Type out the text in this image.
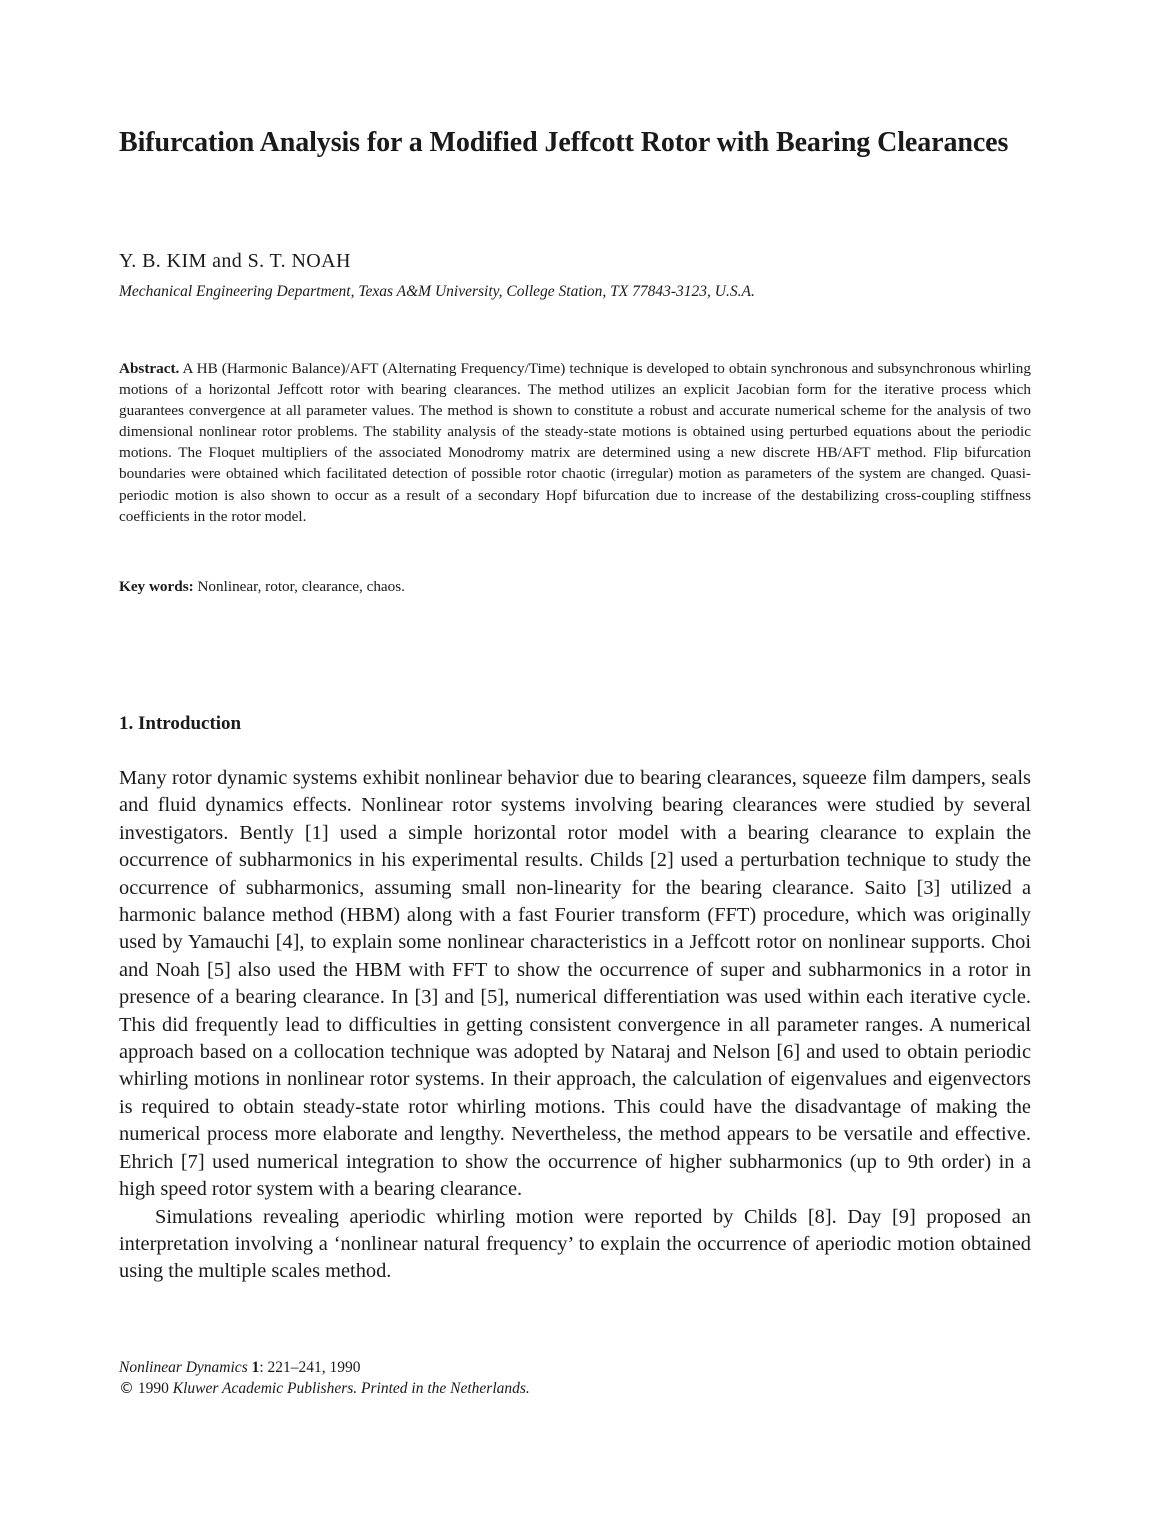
Bifurcation Analysis for a Modified Jeffcott Rotor with Bearing Clearances
Y. B. KIM and S. T. NOAH
Mechanical Engineering Department, Texas A&M University, College Station, TX 77843-3123, U.S.A.

Abstract. A HB (Harmonic Balance)/AFT (Alternating Frequency/Time) technique is developed to obtain synchronous and subsynchronous whirling motions of a horizontal Jeffcott rotor with bearing clearances. The method utilizes an explicit Jacobian form for the iterative process which guarantees convergence at all parameter values. The method is shown to constitute a robust and accurate numerical scheme for the analysis of two dimensional nonlinear rotor problems. The stability analysis of the steady-state motions is obtained using perturbed equations about the periodic motions. The Floquet multipliers of the associated Monodromy matrix are determined using a new discrete HB/AFT method. Flip bifurcation boundaries were obtained which facilitated detection of possible rotor chaotic (irregular) motion as parameters of the system are changed. Quasi-periodic motion is also shown to occur as a result of a secondary Hopf bifurcation due to increase of the destabilizing cross-coupling stiffness coefficients in the rotor model.

Key words: Nonlinear, rotor, clearance, chaos.
1. Introduction

Many rotor dynamic systems exhibit nonlinear behavior due to bearing clearances, squeeze film dampers, seals and fluid dynamics effects. Nonlinear rotor systems involving bearing clearances were studied by several investigators. Bently [1] used a simple horizontal rotor model with a bearing clearance to explain the occurrence of subharmonics in his experimental results. Childs [2] used a perturbation technique to study the occurrence of subharmonics, assuming small non-linearity for the bearing clearance. Saito [3] utilized a harmonic balance method (HBM) along with a fast Fourier transform (FFT) procedure, which was originally used by Yamauchi [4], to explain some nonlinear characteristics in a Jeffcott rotor on nonlinear supports. Choi and Noah [5] also used the HBM with FFT to show the occurrence of super and subharmonics in a rotor in presence of a bearing clearance. In [3] and [5], numerical differentiation was used within each iterative cycle. This did frequently lead to difficulties in getting consistent convergence in all parameter ranges. A numerical approach based on a collocation technique was adopted by Nataraj and Nelson [6] and used to obtain periodic whirling motions in nonlinear rotor systems. In their approach, the calculation of eigenvalues and eigenvectors is required to obtain steady-state rotor whirling motions. This could have the disadvantage of making the numerical process more elaborate and lengthy. Nevertheless, the method appears to be versatile and effective. Ehrich [7] used numerical integration to show the occurrence of higher subharmonics (up to 9th order) in a high speed rotor system with a bearing clearance.

Simulations revealing aperiodic whirling motion were reported by Childs [8]. Day [9] proposed an interpretation involving a ‘nonlinear natural frequency’ to explain the occurrence of aperiodic motion obtained using the multiple scales method.

Nonlinear Dynamics 1: 221–241, 1990
© 1990 Kluwer Academic Publishers. Printed in the Netherlands.
